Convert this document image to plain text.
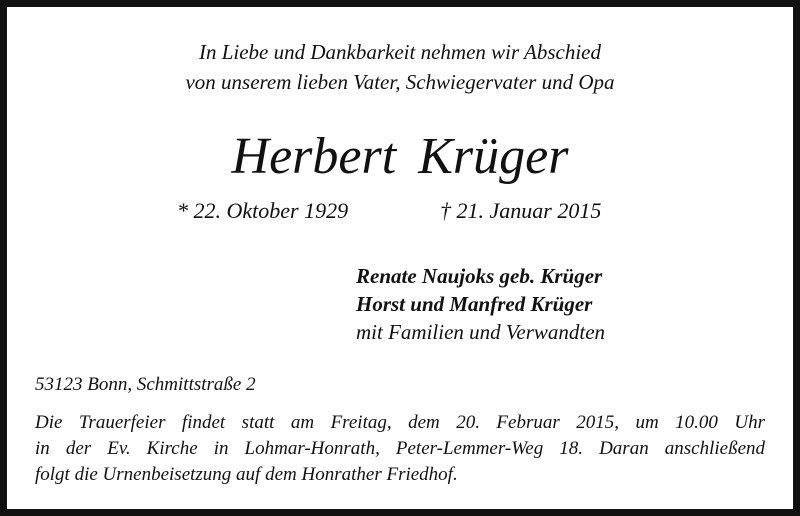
In Liebe und Dankbarkeit nehmen wir Abschied
von unserem lieben Vater, Schwiegervater und Opa
Herbert Krüger
* 22. Oktober 1929	† 21. Januar 2015
Renate Naujoks geb. Krüger
Horst und Manfred Krüger
mit Familien und Verwandten
53123 Bonn, Schmittstraße 2
Die Trauerfeier findet statt am Freitag, dem 20. Februar 2015, um 10.00 Uhr
in der Ev. Kirche in Lohmar-Honrath, Peter-Lemmer-Weg 18. Daran anschließend
folgt die Urnenbeisetzung auf dem Honrather Friedhof.
